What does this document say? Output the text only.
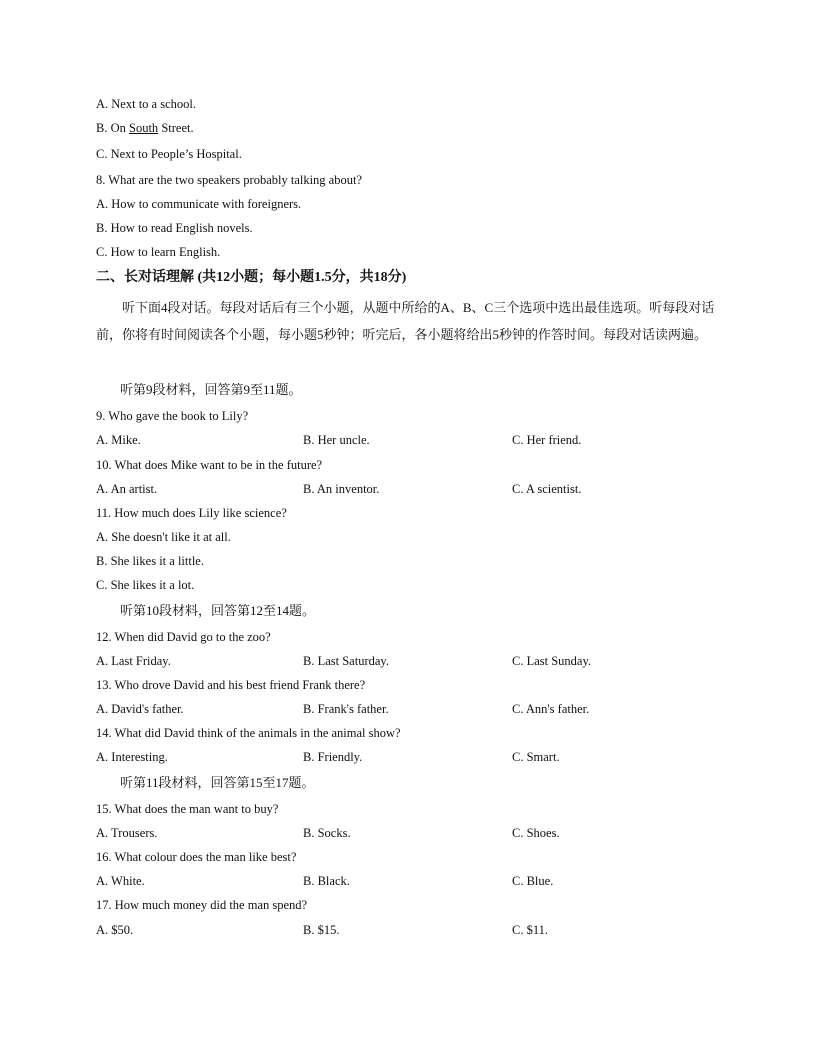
A. Next to a school.
B. On South Street.
C. Next to People’s Hospital.
8. What are the two speakers probably talking about?
A. How to communicate with foreigners.
B. How to read English novels.
C. How to learn English.
二、长对话理解 (共12小题；每小题1.5分，共18分)
听下面4段对话。每段对话后有三个小题，从题中所给的A、B、C三个选项中选出最佳选项。听每段对话前，你将有时间阅读各个小题，每小题5秒钟；听完后，各小题将给出5秒钟的作答时间。每段对话读两遍。
听第9段材料，回答第9至11题。
9. Who gave the book to Lily?
A. Mike.	B. Her uncle.	C. Her friend.
10. What does Mike want to be in the future?
A. An artist.	B. An inventor.	C. A scientist.
11. How much does Lily like science?
A. She doesn't like it at all.
B. She likes it a little.
C. She likes it a lot.
听第10段材料，回答第12至14题。
12. When did David go to the zoo?
A. Last Friday.	B. Last Saturday.	C. Last Sunday.
13. Who drove David and his best friend Frank there?
A. David's father.	B. Frank's father.	C. Ann's father.
14. What did David think of the animals in the animal show?
A. Interesting.	B. Friendly.	C. Smart.
听第11段材料，回答第15至17题。
15. What does the man want to buy?
A. Trousers.	B. Socks.	C. Shoes.
16. What colour does the man like best?
A. White.	B. Black.	C. Blue.
17. How much money did the man spend?
A. $50.	B. $15.	C. $11.
